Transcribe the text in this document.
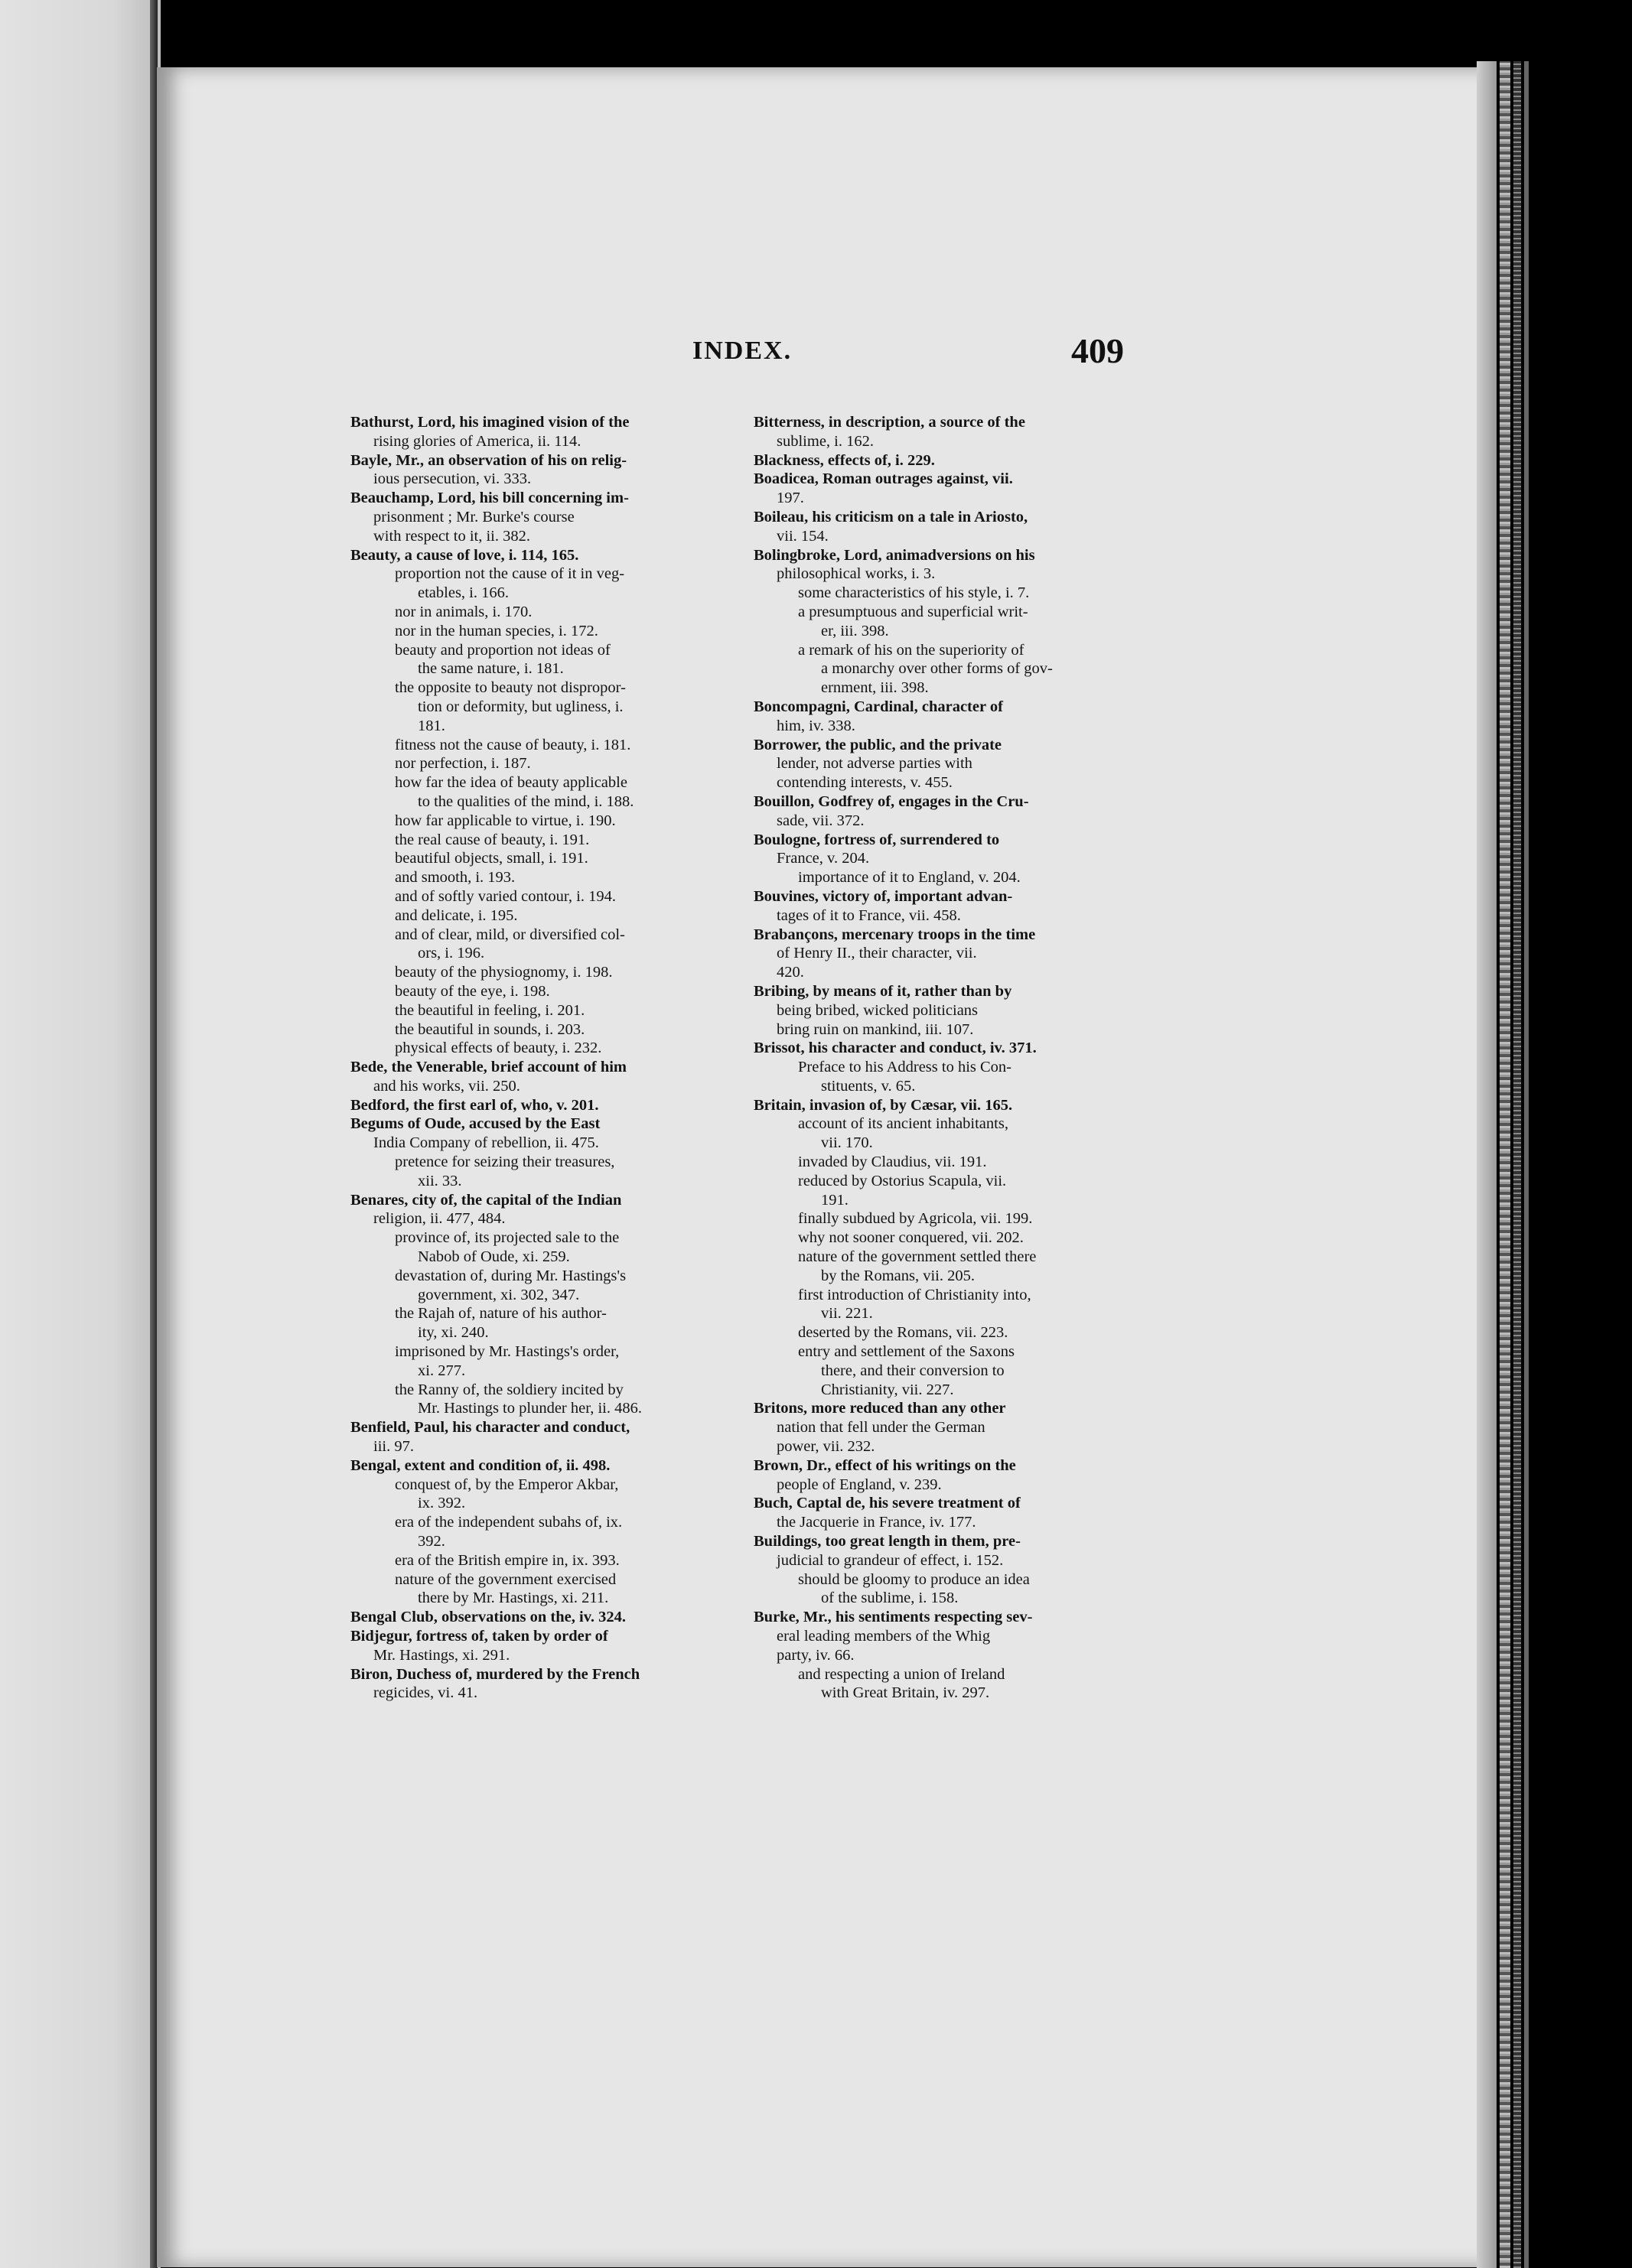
INDEX.	409
Bathurst, Lord, his imagined vision of the
rising glories of America, ii. 114.
Bayle, Mr., an observation of his on relig-
ious persecution, vi. 333.
Beauchamp, Lord, his bill concerning im-
prisonment ; Mr. Burke's course
with respect to it, ii. 382.
Beauty, a cause of love, i. 114, 165.
proportion not the cause of it in veg-
etables, i. 166.
nor in animals, i. 170.
nor in the human species, i. 172.
beauty and proportion not ideas of
the same nature, i. 181.
the opposite to beauty not dispropor-
tion or deformity, but ugliness, i.
181.
fitness not the cause of beauty, i. 181.
nor perfection, i. 187.
how far the idea of beauty applicable
to the qualities of the mind, i. 188.
how far applicable to virtue, i. 190.
the real cause of beauty, i. 191.
beautiful objects, small, i. 191.
and smooth, i. 193.
and of softly varied contour, i. 194.
and delicate, i. 195.
and of clear, mild, or diversified col-
ors, i. 196.
beauty of the physiognomy, i. 198.
beauty of the eye, i. 198.
the beautiful in feeling, i. 201.
the beautiful in sounds, i. 203.
physical effects of beauty, i. 232.
Bede, the Venerable, brief account of him
and his works, vii. 250.
Bedford, the first earl of, who, v. 201.
Begums of Oude, accused by the East
India Company of rebellion, ii. 475.
pretence for seizing their treasures,
xii. 33.
Benares, city of, the capital of the Indian
religion, ii. 477, 484.
province of, its projected sale to the
Nabob of Oude, xi. 259.
devastation of, during Mr. Hastings's
government, xi. 302, 347.
the Rajah of, nature of his author-
ity, xi. 240.
imprisoned by Mr. Hastings's order,
xi. 277.
the Ranny of, the soldiery incited by
Mr. Hastings to plunder her, ii. 486.
Benfield, Paul, his character and conduct,
iii. 97.
Bengal, extent and condition of, ii. 498.
conquest of, by the Emperor Akbar,
ix. 392.
era of the independent subahs of, ix.
392.
era of the British empire in, ix. 393.
nature of the government exercised
there by Mr. Hastings, xi. 211.
Bengal Club, observations on the, iv. 324.
Bidjegur, fortress of, taken by order of
Mr. Hastings, xi. 291.
Biron, Duchess of, murdered by the French
regicides, vi. 41.
Bitterness, in description, a source of the
sublime, i. 162.
Blackness, effects of, i. 229.
Boadicea, Roman outrages against, vii.
197.
Boileau, his criticism on a tale in Ariosto,
vii. 154.
Bolingbroke, Lord, animadversions on his
philosophical works, i. 3.
some characteristics of his style, i. 7.
a presumptuous and superficial writ-
er, iii. 398.
a remark of his on the superiority of
a monarchy over other forms of gov-
ernment, iii. 398.
Boncompagni, Cardinal, character of
him, iv. 338.
Borrower, the public, and the private
lender, not adverse parties with
contending interests, v. 455.
Bouillon, Godfrey of, engages in the Cru-
sade, vii. 372.
Boulogne, fortress of, surrendered to
France, v. 204.
importance of it to England, v. 204.
Bouvines, victory of, important advan-
tages of it to France, vii. 458.
Brabançons, mercenary troops in the time
of Henry II., their character, vii.
420.
Bribing, by means of it, rather than by
being bribed, wicked politicians
bring ruin on mankind, iii. 107.
Brissot, his character and conduct, iv. 371.
Preface to his Address to his Con-
stituents, v. 65.
Britain, invasion of, by Cæsar, vii. 165.
account of its ancient inhabitants,
vii. 170.
invaded by Claudius, vii. 191.
reduced by Ostorius Scapula, vii.
191.
finally subdued by Agricola, vii. 199.
why not sooner conquered, vii. 202.
nature of the government settled there
by the Romans, vii. 205.
first introduction of Christianity into,
vii. 221.
deserted by the Romans, vii. 223.
entry and settlement of the Saxons
there, and their conversion to
Christianity, vii. 227.
Britons, more reduced than any other
nation that fell under the German
power, vii. 232.
Brown, Dr., effect of his writings on the
people of England, v. 239.
Buch, Captal de, his severe treatment of
the Jacquerie in France, iv. 177.
Buildings, too great length in them, pre-
judicial to grandeur of effect, i. 152.
should be gloomy to produce an idea
of the sublime, i. 158.
Burke, Mr., his sentiments respecting sev-
eral leading members of the Whig
party, iv. 66.
and respecting a union of Ireland
with Great Britain, iv. 297.
